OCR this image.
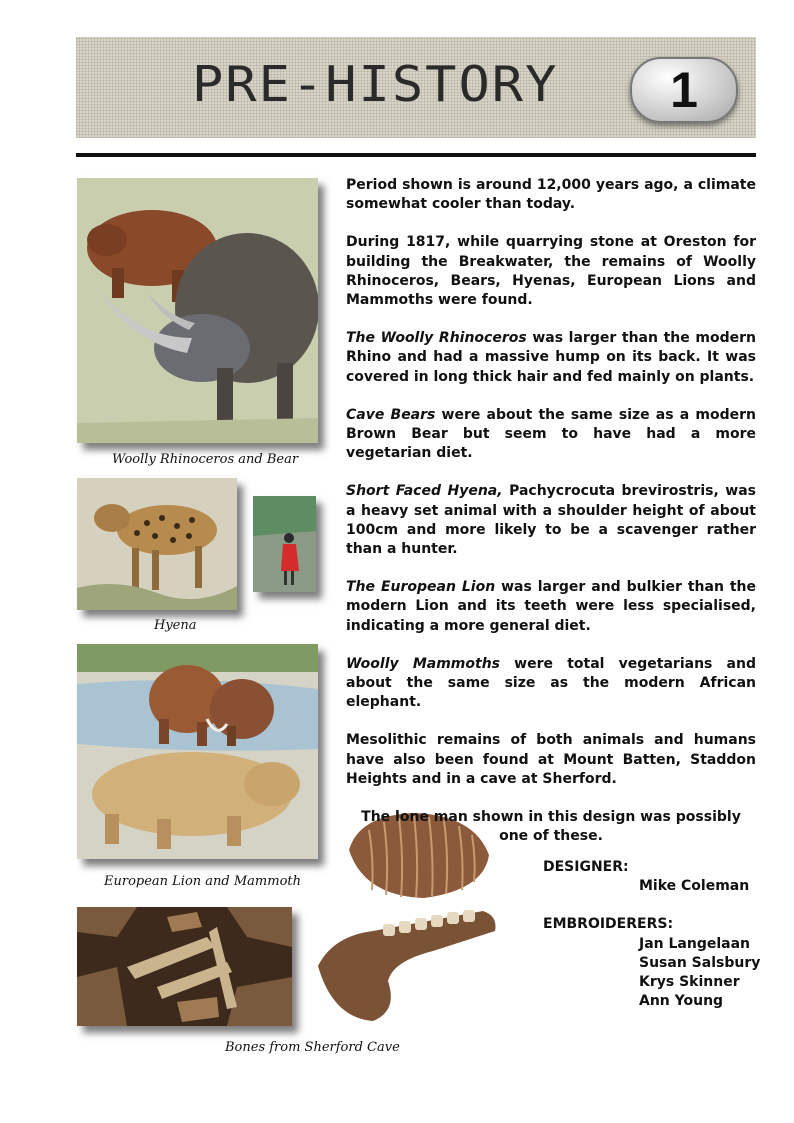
PRE-HISTORY 1
Woolly Rhinoceros and Bear
Hyena
European Lion and Mammoth
Bones from Sherford Cave

Period shown is around 12,000 years ago, a climate somewhat cooler than today.

During 1817, while quarrying stone at Oreston for building the Breakwater, the remains of Woolly Rhinoceros, Bears, Hyenas, European Lions and Mammoths were found.

The Woolly Rhinoceros was larger than the modern Rhino and had a massive hump on its back. It was covered in long thick hair and fed mainly on plants.

Cave Bears were about the same size as a modern Brown Bear but seem to have had a more vegetarian diet.

Short Faced Hyena, Pachycrocuta brevirostris, was a heavy set animal with a shoulder height of about 100cm and more likely to be a scavenger rather than a hunter.

The European Lion was larger and bulkier than the modern Lion and its teeth were less specialised, indicating a more general diet.

Woolly Mammoths were total vegetarians and about the same size as the modern African elephant.

Mesolithic remains of both animals and humans have also been found at Mount Batten, Staddon Heights and in a cave at Sherford.

The lone man shown in this design was possibly one of these.

DESIGNER:
Mike Coleman
EMBROIDERERS:
Jan Langelaan
Susan Salsbury
Krys Skinner
Ann Young
